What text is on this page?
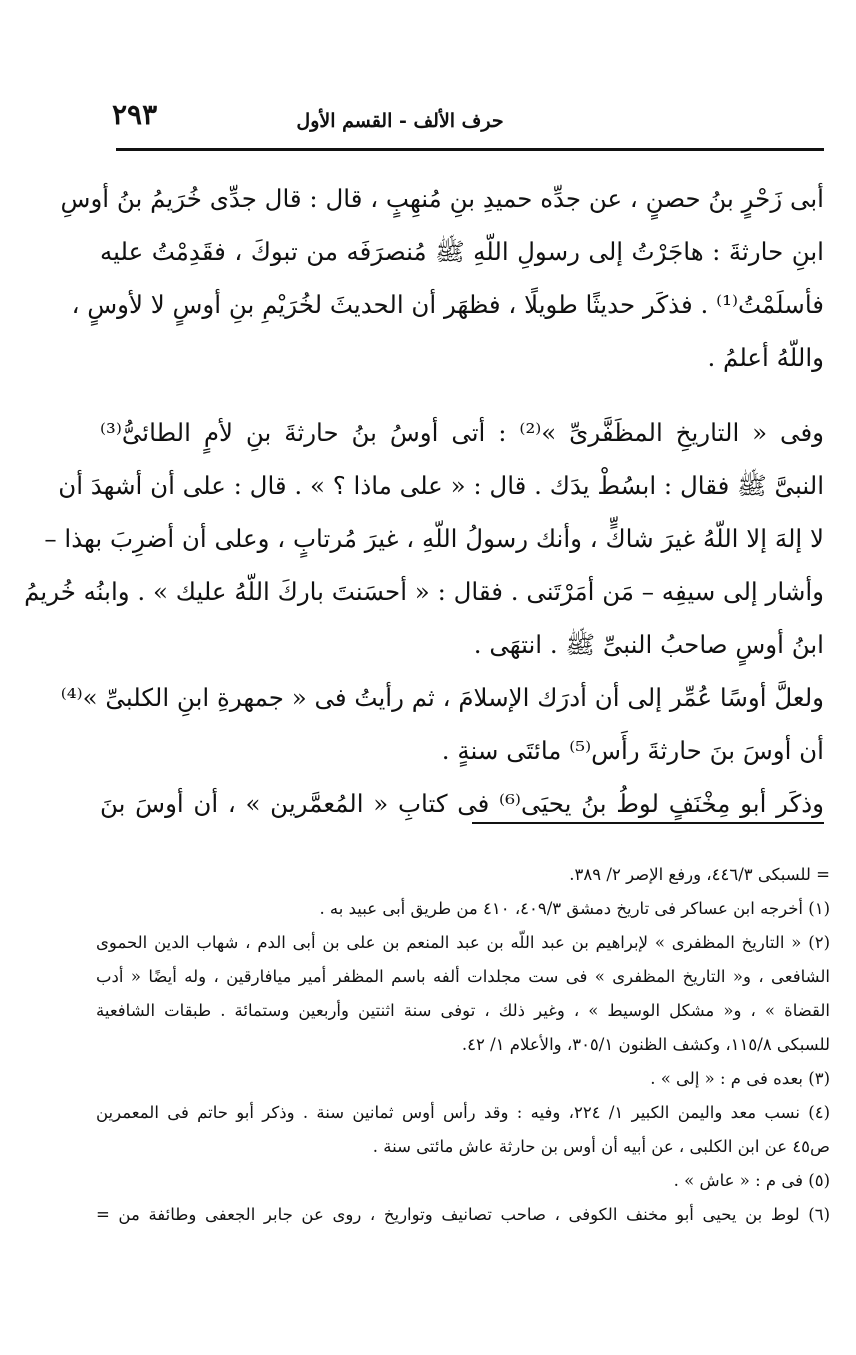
٢٩٣	حرف الألف - القسم الأول
أبى زَحْرٍ بنُ حصنٍ ، عن جدِّه حميدِ بنِ مُنهِبٍ ، قال : قال جدِّى خُرَيمُ بنُ أوسِ
ابنِ حارثةَ : هاجَرْتُ إلى رسولِ اللّهِ ﷺ مُنصرَفَه من تبوكَ ، فقَدِمْتُ عليه
فأسلَمْتُ⁽¹⁾ . فذكَر حديثًا طويلًا ، فظهَر أن الحديثَ لخُرَيْمِ بنِ أوسٍ لا لأوسٍ ،
واللّهُ أعلمُ .
وفى « التاريخِ المظَفَّرىِّ »⁽²⁾ : أتى أوسُ بنُ حارثةَ بنِ لأمٍ الطائىُّ⁽³⁾
النبىَّ ﷺ فقال : ابسُطْ يدَك . قال : « على ماذا ؟ » . قال : على أن أشهدَ أن
لا إلهَ إلا اللّهُ غيرَ شاكٍّ ، وأنك رسولُ اللّهِ ، غيرَ مُرتابٍ ، وعلى أن أضرِبَ بهذا –
وأشار إلى سيفِه – مَن أمَرْتَنى . فقال : « أحسَنتَ باركَ اللّهُ عليك » . وابنُه خُريمُ
ابنُ أوسٍ صاحبُ النبىِّ ﷺ . انتهَى .
ولعلَّ أوسًا عُمِّر إلى أن أدرَك الإسلامَ ، ثم رأيتُ فى « جمهرةِ ابنِ الكلبىِّ »⁽⁴⁾
أن أوسَ بنَ حارثةَ رأَس⁽⁵⁾ مائتَى سنةٍ .
وذكَر أبو مِخْنَفٍ لوطُ بنُ يحيَى⁽⁶⁾ فى كتابِ « المُعمَّرين » ، أن أوسَ بنَ
= للسبكى ٤٤٦/٣، ورفع الإصر ٢/ ٣٨٩.
(١) أخرجه ابن عساكر فى تاريخ دمشق ٤٠٩/٣، ٤١٠ من طريق أبى عبيد به .
(٢) « التاريخ المظفرى » لإبراهيم بن عبد اللّه بن عبد المنعم بن على بن أبى الدم ، شهاب الدين الحموى
الشافعى ، و« التاريخ المظفرى » فى ست مجلدات ألفه باسم المظفر أمير ميافارقين ، وله أيضًا « أدب
القضاة » ، و« مشكل الوسيط » ، وغير ذلك ، توفى سنة اثنتين وأربعين وستمائة . طبقات الشافعية
للسبكى ١١٥/٨، وكشف الظنون ٣٠٥/١، والأعلام ١/ ٤٢.
(٣) بعده فى م : « إلى » .
(٤) نسب معد واليمن الكبير ١/ ٢٢٤، وفيه : وقد رأس أوس ثمانين سنة . وذكر أبو حاتم فى المعمرين
ص٤٥ عن ابن الكلبى ، عن أبيه أن أوس بن حارثة عاش مائتى سنة .
(٥) فى م : « عاش » .
(٦) لوط بن يحيى أبو مخنف الكوفى ، صاحب تصانيف وتواريخ ، روى عن جابر الجعفى وطائفة من =
